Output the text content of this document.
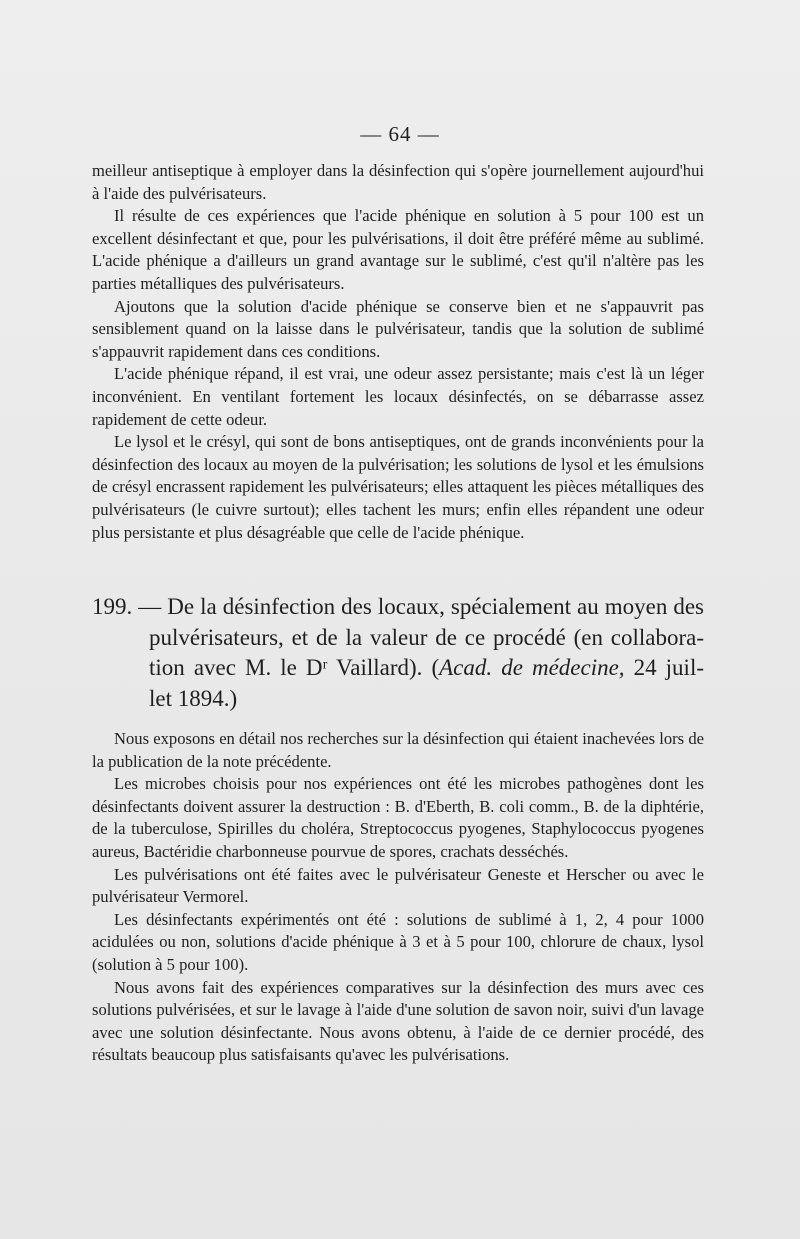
— 64 —

meilleur antiseptique à employer dans la désinfection qui s'opère journellement aujourd'hui à l'aide des pulvérisateurs.

Il résulte de ces expériences que l'acide phénique en solution à 5 pour 100 est un excellent désinfectant et que, pour les pulvérisations, il doit être préféré même au sublimé. L'acide phénique a d'ailleurs un grand avantage sur le sublimé, c'est qu'il n'altère pas les parties métalliques des pulvérisateurs.

Ajoutons que la solution d'acide phénique se conserve bien et ne s'appauvrit pas sensiblement quand on la laisse dans le pulvérisateur, tandis que la solution de sublimé s'appauvrit rapidement dans ces conditions.

L'acide phénique répand, il est vrai, une odeur assez persistante; mais c'est là un léger inconvénient. En ventilant fortement les locaux désinfectés, on se débarrasse assez rapidement de cette odeur.

Le lysol et le crésyl, qui sont de bons antiseptiques, ont de grands inconvénients pour la désinfection des locaux au moyen de la pulvérisation; les solutions de lysol et les émulsions de crésyl encrassent rapidement les pulvérisateurs; elles attaquent les pièces métalliques des pulvérisateurs (le cuivre surtout); elles tachent les murs; enfin elles répandent une odeur plus persistante et plus désagréable que celle de l'acide phénique.

199. — De la désinfection des locaux, spécialement au moyen des
pulvérisateurs, et de la valeur de ce procédé (en collabora-
tion avec M. le Dʳ Vaillard). (Acad. de médecine, 24 juil-
let 1894.)

Nous exposons en détail nos recherches sur la désinfection qui étaient inachevées lors de la publication de la note précédente.

Les microbes choisis pour nos expériences ont été les microbes pathogènes dont les désinfectants doivent assurer la destruction : B. d'Eberth, B. coli comm., B. de la diphtérie, de la tuberculose, Spirilles du choléra, Streptococcus pyogenes, Staphylococcus pyogenes aureus, Bactéridie charbonneuse pourvue de spores, crachats desséchés.

Les pulvérisations ont été faites avec le pulvérisateur Geneste et Herscher ou avec le pulvérisateur Vermorel.

Les désinfectants expérimentés ont été : solutions de sublimé à 1, 2, 4 pour 1000 acidulées ou non, solutions d'acide phénique à 3 et à 5 pour 100, chlorure de chaux, lysol (solution à 5 pour 100).

Nous avons fait des expériences comparatives sur la désinfection des murs avec ces solutions pulvérisées, et sur le lavage à l'aide d'une solution de savon noir, suivi d'un lavage avec une solution désinfectante. Nous avons obtenu, à l'aide de ce dernier procédé, des résultats beaucoup plus satisfaisants qu'avec les pulvérisations.
